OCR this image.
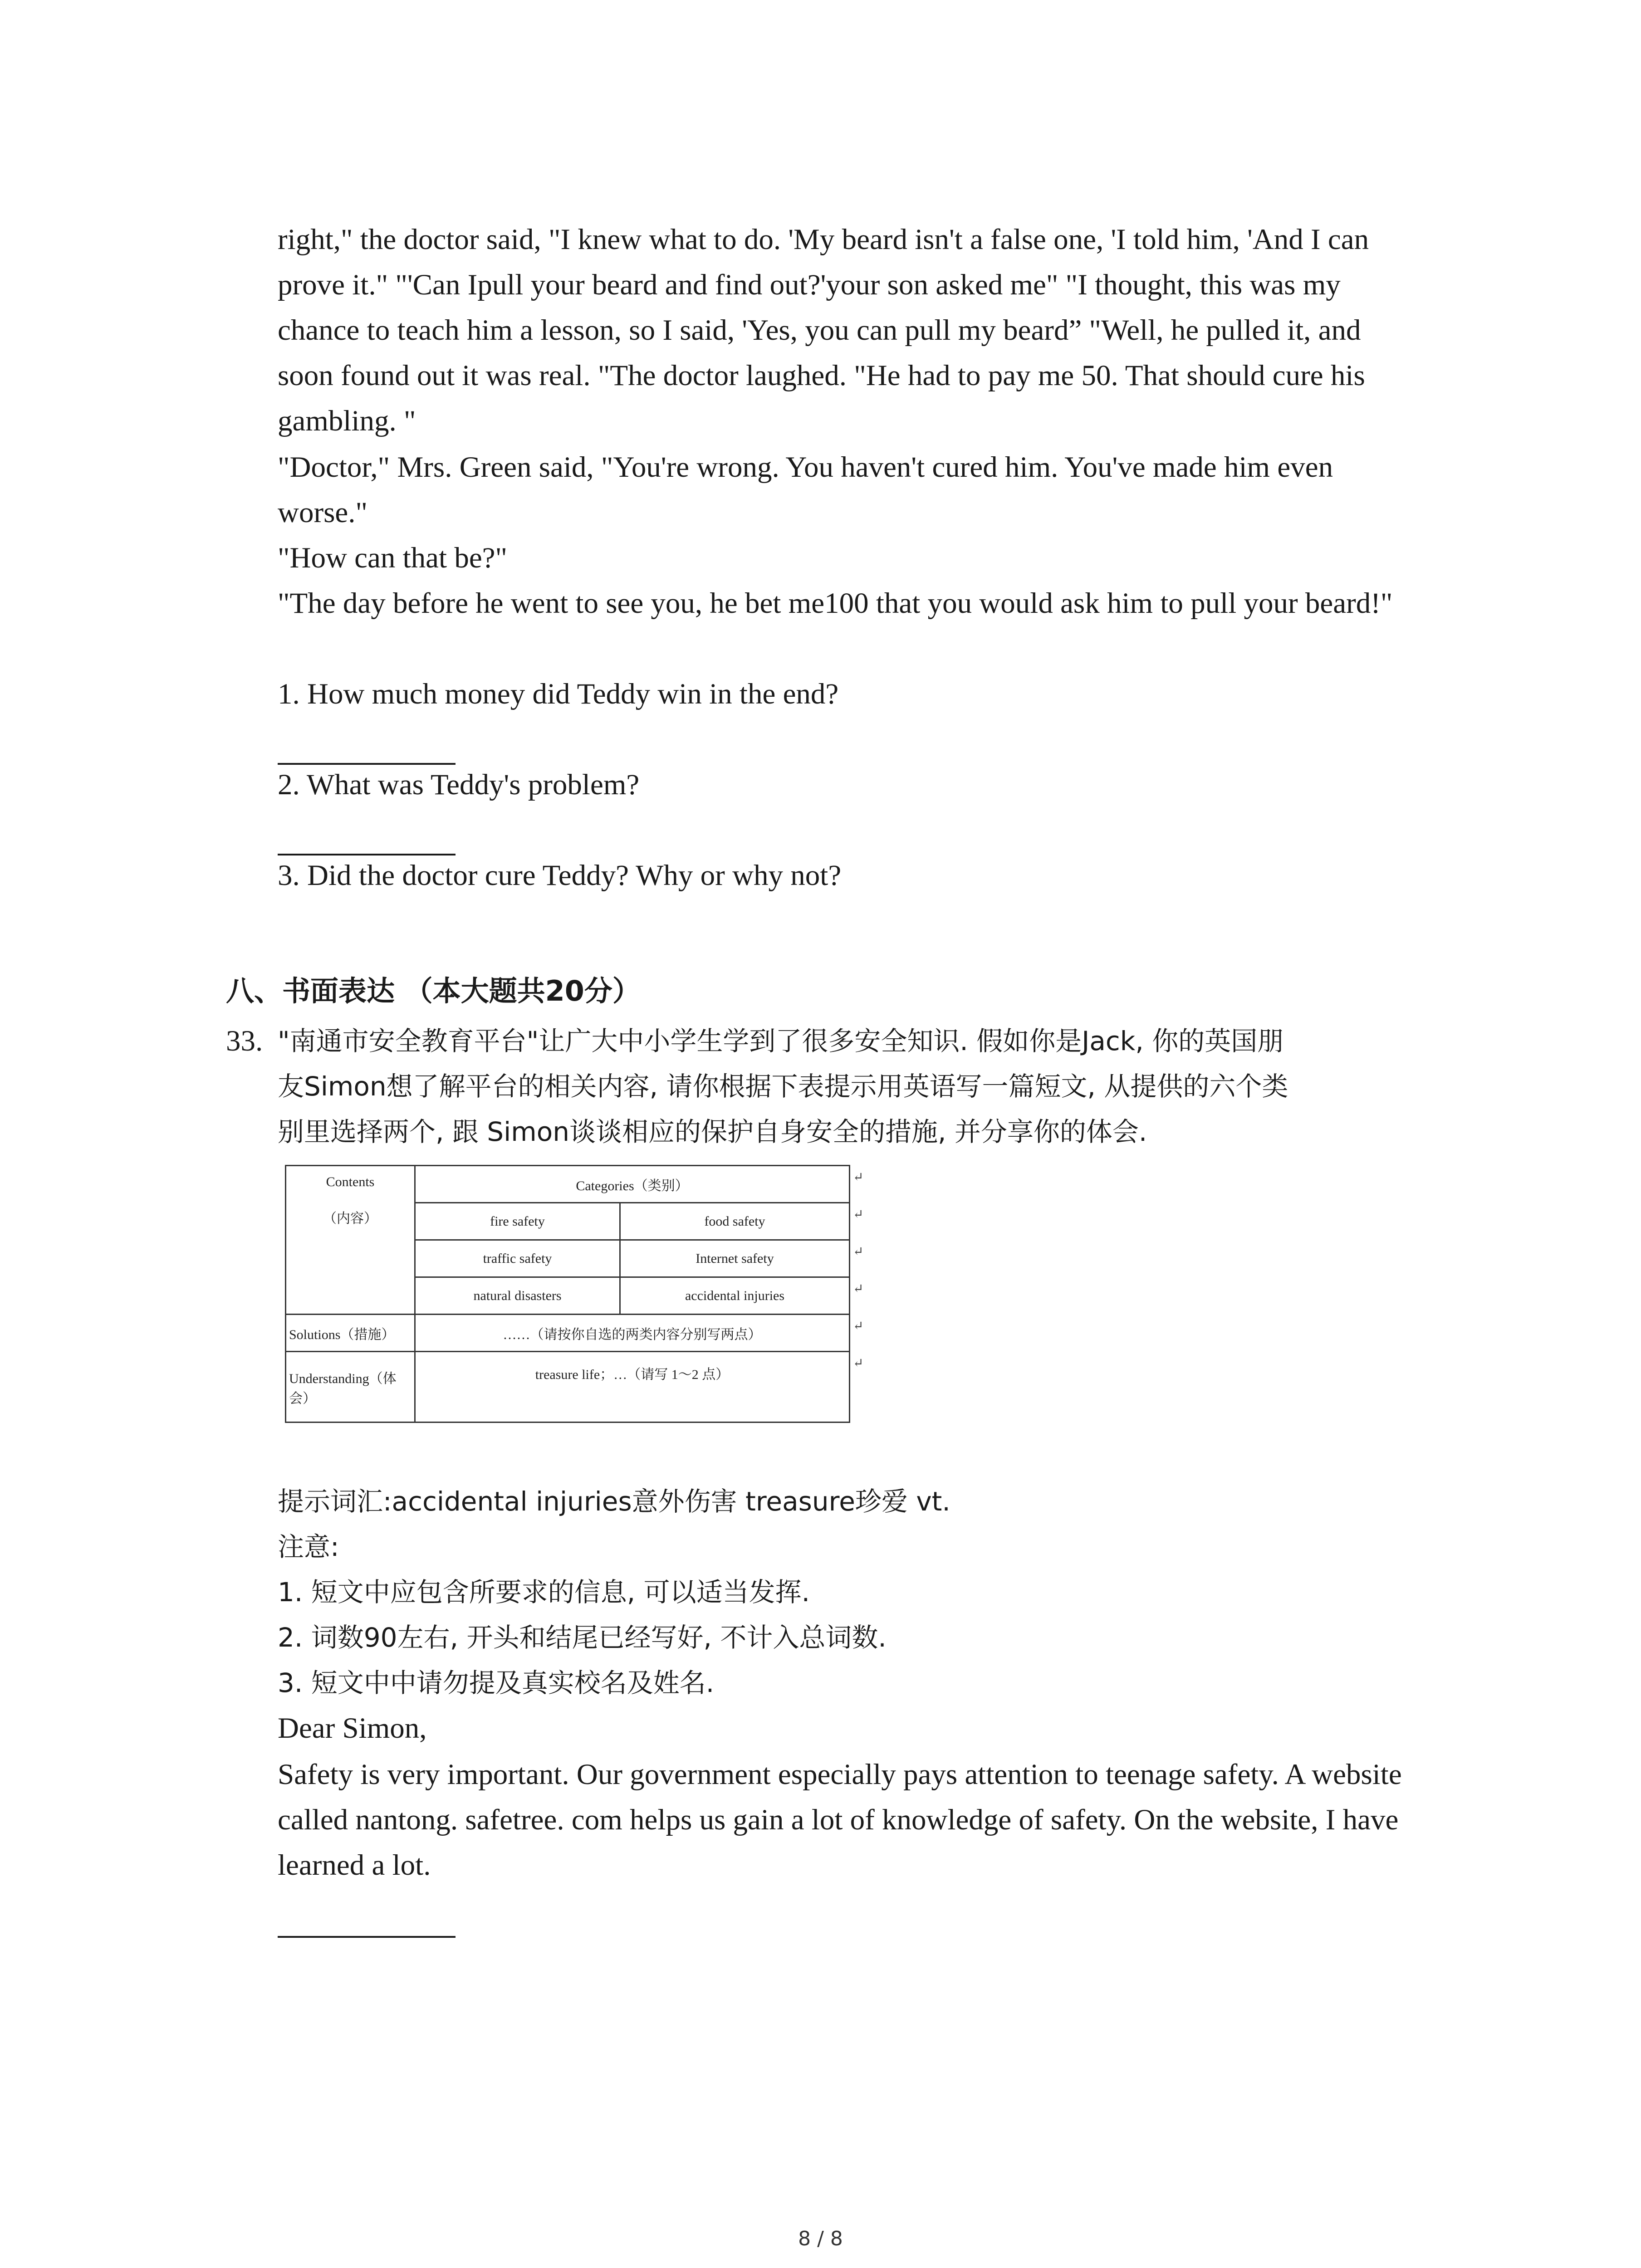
right," the doctor said, "I knew what to do. 'My beard isn't a false one, 'I told him, 'And I can
prove it." "'Can Ipull your beard and find out?'your son asked me" "I thought, this was my
chance to teach him a lesson, so I said, 'Yes, you can pull my beard” "Well, he pulled it, and
soon found out it was real. "The doctor laughed. "He had to pay me 50. That should cure his
gambling. "
"Doctor," Mrs. Green said, "You're wrong. You haven't cured him. You've made him even
worse."
"How can that be?"
"The day before he went to see you, he bet me100 that you would ask him to pull your beard!"
1. How much money did Teddy win in the end?
2. What was Teddy's problem?
3. Did the doctor cure Teddy? Why or why not?
八、书面表达 （本大题共20分）
33. "南通市安全教育平台"让广大中小学生学到了很多安全知识. 假如你是Jack, 你的英国朋
友Simon想了解平台的相关内容, 请你根据下表提示用英语写一篇短文, 从提供的六个类
别里选择两个, 跟 Simon谈谈相应的保护自身安全的措施, 并分享你的体会.
Contents
（内容）	Categories（类别）	
	fire safety	food safety
	traffic safety	Internet safety
	natural disasters	accidental injuries
Solutions（措施）	……（请按你自选的两类内容分别写两点）	
Understanding（体会）	treasure life；…（请写 1～2 点）	
↵
↵
↵
↵
↵
↵
提示词汇:accidental injuries意外伤害 treasure珍爱 vt.
注意:
1. 短文中应包含所要求的信息, 可以适当发挥.
2. 词数90左右, 开头和结尾已经写好, 不计入总词数.
3. 短文中中请勿提及真实校名及姓名.
Dear Simon,
Safety is very important. Our government especially pays attention to teenage safety. A website
called nantong. safetree. com helps us gain a lot of knowledge of safety. On the website, I have
learned a lot.
8 / 8
